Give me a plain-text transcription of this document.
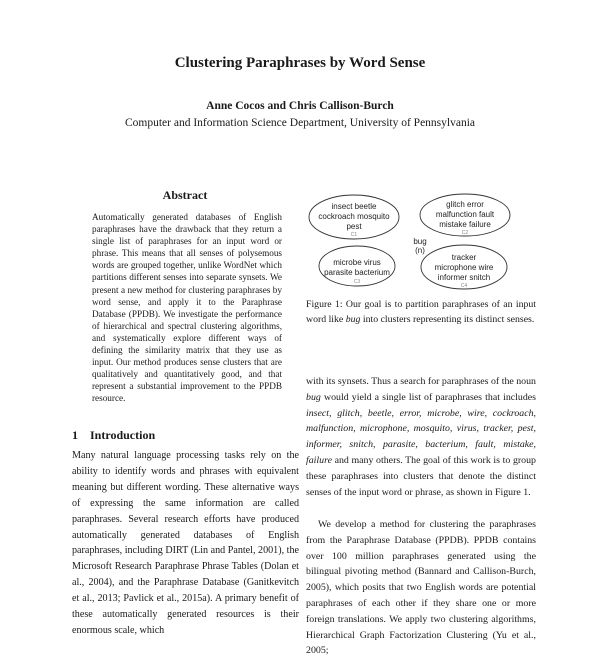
Clustering Paraphrases by Word Sense
Anne Cocos and Chris Callison-Burch
Computer and Information Science Department, University of Pennsylvania
Abstract

Automatically generated databases of English paraphrases have the drawback that they return a single list of paraphrases for an input word or phrase. This means that all senses of polysemous words are grouped together, unlike WordNet which partitions different senses into separate synsets. We present a new method for clustering paraphrases by word sense, and apply it to the Paraphrase Database (PPDB). We investigate the performance of hierarchical and spectral clustering algorithms, and systematically explore different ways of defining the similarity matrix that they use as input. Our method produces sense clusters that are qualitatively and quantitatively good, and that represent a substantial improvement to the PPDB resource.

1 Introduction

Many natural language processing tasks rely on the ability to identify words and phrases with equivalent meaning but different wording. These alternative ways of expressing the same information are called paraphrases. Several research efforts have produced automatically generated databases of English paraphrases, including DIRT (Lin and Pantel, 2001), the Microsoft Research Paraphrase Phrase Tables (Dolan et al., 2004), and the Paraphrase Database (Ganitkevitch et al., 2013; Pavlick et al., 2015a). A primary benefit of these automatically generated resources is their enormous scale, which

insect beetle
cockroach mosquito
pest
C1
glitch error
malfunction fault
mistake failure
C2
bug
(n)
microbe virus
parasite bacterium
C3
tracker
microphone wire
informer snitch
C4

Figure 1: Our goal is to partition paraphrases of an input word like bug into clusters representing its distinct senses.

with its synsets. Thus a search for paraphrases of the noun bug would yield a single list of paraphrases that includes insect, glitch, beetle, error, microbe, wire, cockroach, malfunction, microphone, mosquito, virus, tracker, pest, informer, snitch, parasite, bacterium, fault, mistake, failure and many others. The goal of this work is to group these paraphrases into clusters that denote the distinct senses of the input word or phrase, as shown in Figure 1.

We develop a method for clustering the paraphrases from the Paraphrase Database (PPDB). PPDB contains over 100 million paraphrases generated using the bilingual pivoting method (Bannard and Callison-Burch, 2005), which posits that two English words are potential paraphrases of each other if they share one or more foreign translations. We apply two clustering algorithms, Hierarchical Graph Factorization Clustering (Yu et al., 2005;
